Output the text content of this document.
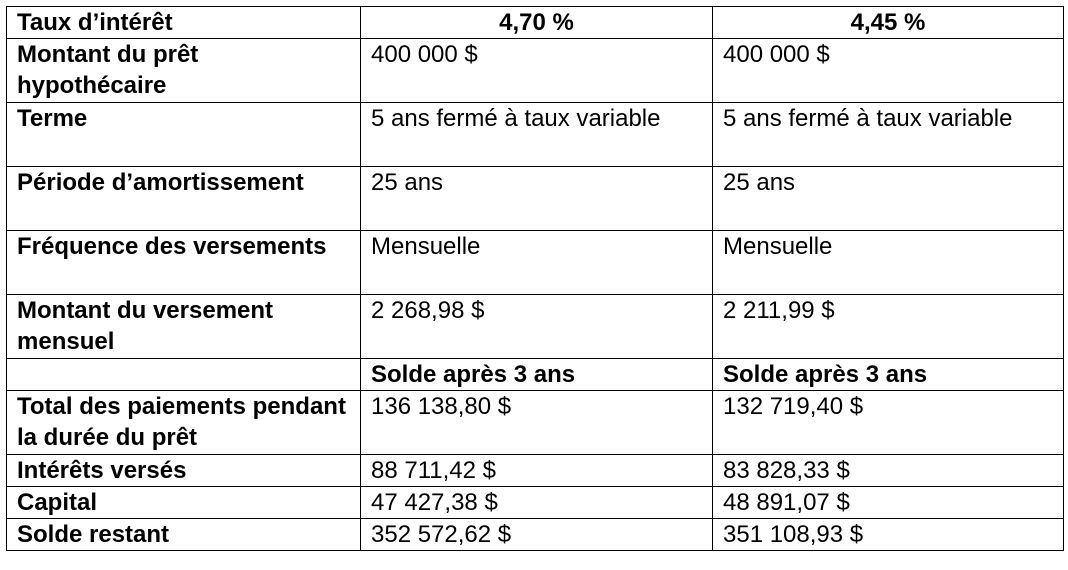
Taux d’intérêt	4,70 %	4,45 %
Montant du prêt hypothécaire	400 000 $	400 000 $
Terme	5 ans fermé à taux variable	5 ans fermé à taux variable
Période d’amortissement	25 ans	25 ans
Fréquence des versements	Mensuelle	Mensuelle
Montant du versement mensuel	2 268,98 $	2 211,99 $
	Solde après 3 ans	Solde après 3 ans
Total des paiements pendant la durée du prêt	136 138,80 $	132 719,40 $
Intérêts versés	88 711,42 $	83 828,33 $
Capital	47 427,38 $	48 891,07 $
Solde restant	352 572,62 $	351 108,93 $
